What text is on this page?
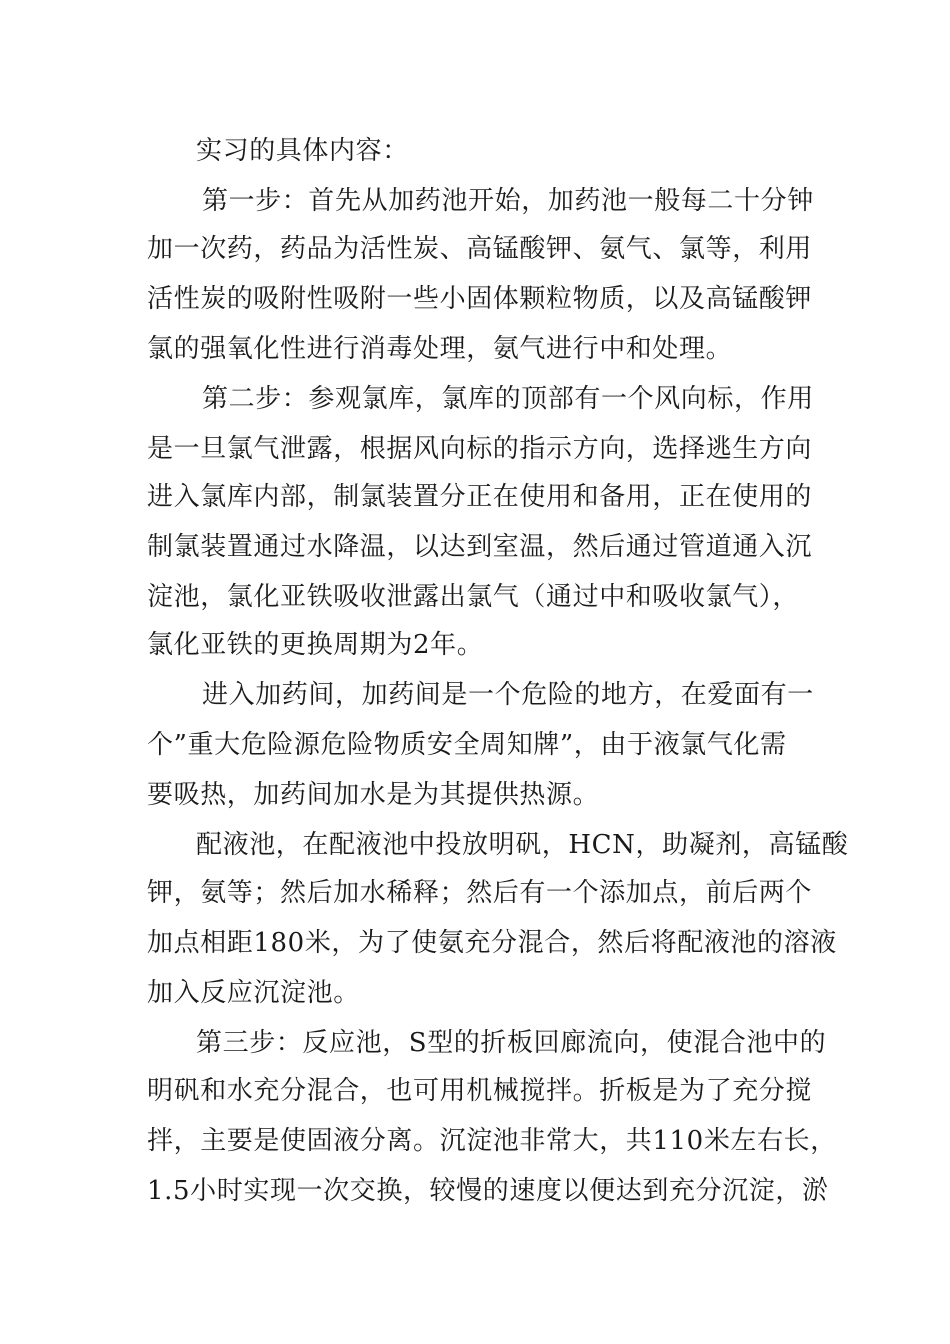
实习的具体内容：
第一步：首先从加药池开始，加药池一般每二十分钟
加一次药，药品为活性炭、高锰酸钾、氨气、氯等，利用
活性炭的吸附性吸附一些小固体颗粒物质，以及高锰酸钾
氯的强氧化性进行消毒处理，氨气进行中和处理。
第二步：参观氯库，氯库的顶部有一个风向标，作用
是一旦氯气泄露，根据风向标的指示方向，选择逃生方向
进入氯库内部，制氯装置分正在使用和备用，正在使用的
制氯装置通过水降温，以达到室温，然后通过管道通入沉
淀池，氯化亚铁吸收泄露出氯气（通过中和吸收氯气），
氯化亚铁的更换周期为2年。
进入加药间，加药间是一个危险的地方，在爱面有一
个”重大危险源危险物质安全周知牌”，由于液氯气化需
要吸热，加药间加水是为其提供热源。
配液池，在配液池中投放明矾，HCN，助凝剂，高锰酸
钾，氨等；然后加水稀释；然后有一个添加点，前后两个
加点相距180米，为了使氨充分混合，然后将配液池的溶液
加入反应沉淀池。
第三步：反应池，S型的折板回廊流向，使混合池中的
明矾和水充分混合，也可用机械搅拌。折板是为了充分搅
拌，主要是使固液分离。沉淀池非常大，共110米左右长，
1.5小时实现一次交换，较慢的速度以便达到充分沉淀，淤
